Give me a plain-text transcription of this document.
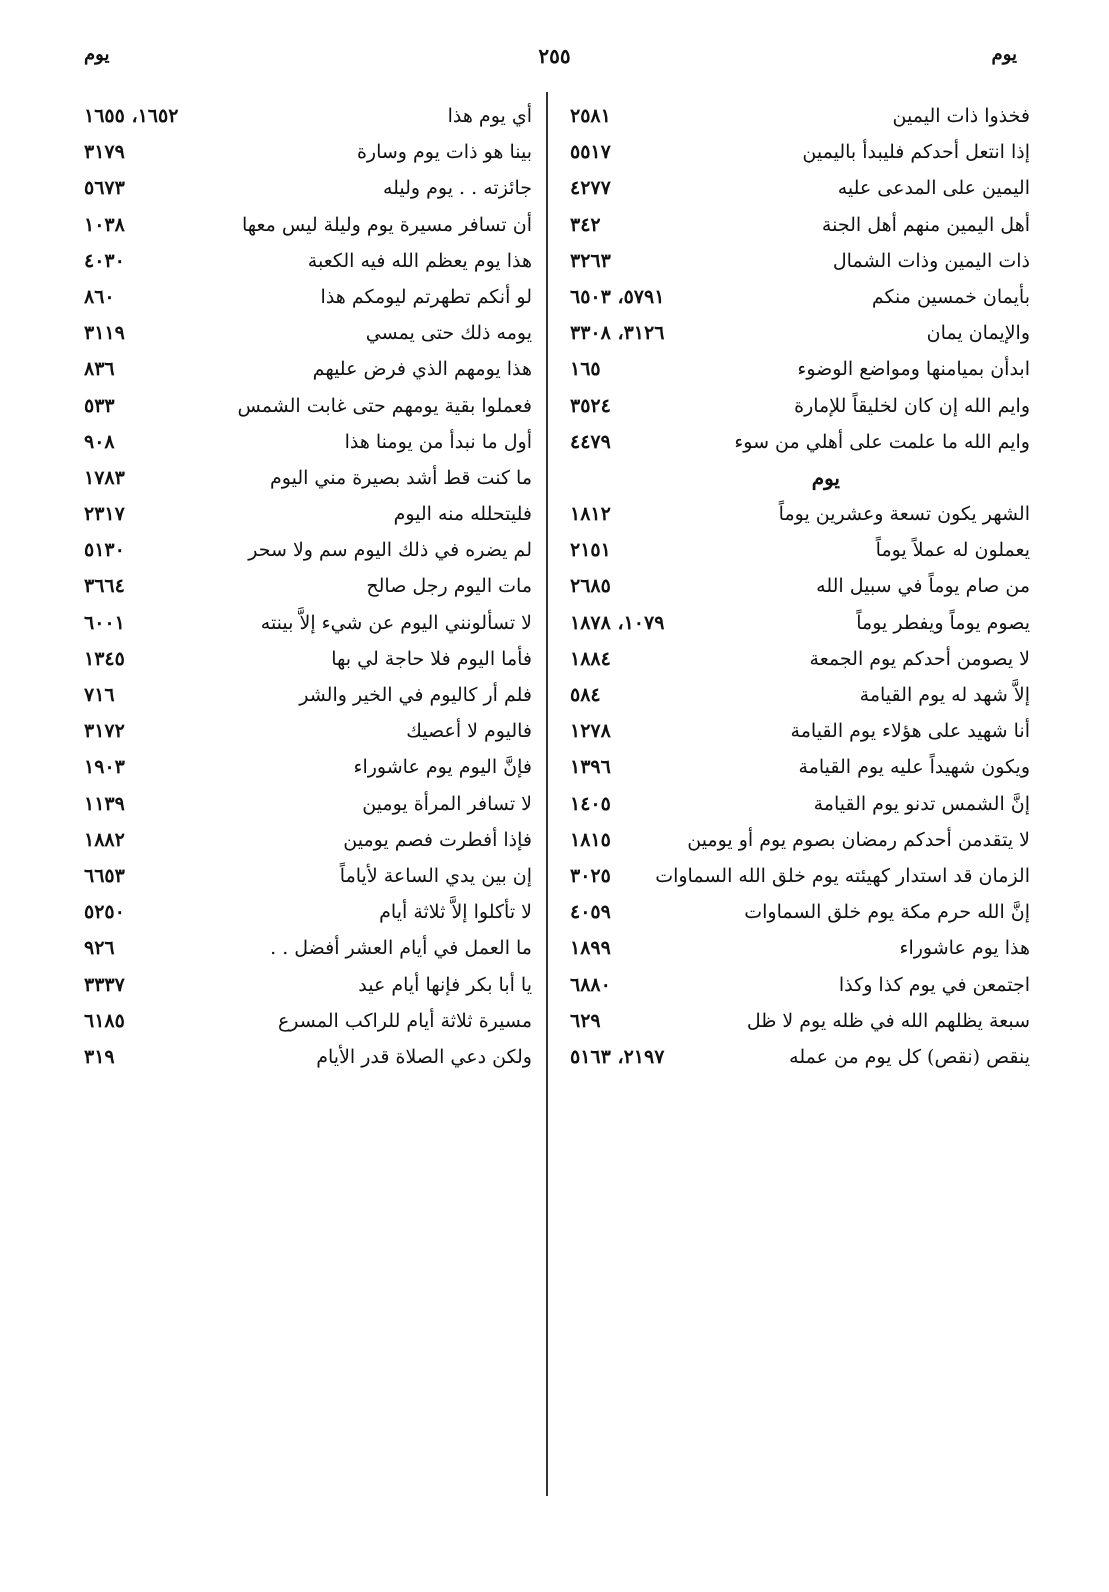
يوم
٢٥٥
يوم
فخذوا ذات اليمين
٢٥٨١
إذا انتعل أحدكم فليبدأ باليمين
٥٥١٧
اليمين على المدعى عليه
٤٢٧٧
أهل اليمين منهم أهل الجنة
٣٤٢
ذات اليمين وذات الشمال
٣٢٦٣
بأيمان خمسين منكم
٥٧٩١، ٦٥٠٣
والإيمان يمان
٣١٢٦، ٣٣٠٨
ابدأن بميامنها ومواضع الوضوء
١٦٥
وايم الله إن كان لخليقاً للإمارة
٣٥٢٤
وايم الله ما علمت على أهلي من سوء
٤٤٧٩
يوم
الشهر يكون تسعة وعشرين يوماً
١٨١٢
يعملون له عملاً يوماً
٢١٥١
من صام يوماً في سبيل الله
٢٦٨٥
يصوم يوماً ويفطر يوماً
١٠٧٩، ١٨٧٨
لا يصومن أحدكم يوم الجمعة
١٨٨٤
إلاَّ شهد له يوم القيامة
٥٨٤
أنا شهيد على هؤلاء يوم القيامة
١٢٧٨
ويكون شهيداً عليه يوم القيامة
١٣٩٦
إنَّ الشمس تدنو يوم القيامة
١٤٠٥
لا يتقدمن أحدكم رمضان بصوم يوم أو يومين
١٨١٥
الزمان قد استدار كهيئته يوم خلق الله السماوات
٣٠٢٥
إنَّ الله حرم مكة يوم خلق السماوات
٤٠٥٩
هذا يوم عاشوراء
١٨٩٩
اجتمعن في يوم كذا وكذا
٦٨٨٠
سبعة يظلهم الله في ظله يوم لا ظل
٦٢٩
ينقص (نقص) كل يوم من عمله
٢١٩٧، ٥١٦٣
أي يوم هذا
١٦٥٢، ١٦٥٥
بينا هو ذات يوم وسارة
٣١٧٩
جائزته . . يوم وليله
٥٦٧٣
أن تسافر مسيرة يوم وليلة ليس معها
١٠٣٨
هذا يوم يعظم الله فيه الكعبة
٤٠٣٠
لو أنكم تطهرتم ليومكم هذا
٨٦٠
يومه ذلك حتى يمسي
٣١١٩
هذا يومهم الذي فرض عليهم
٨٣٦
فعملوا بقية يومهم حتى غابت الشمس
٥٣٣
أول ما نبدأ من يومنا هذا
٩٠٨
ما كنت قط أشد بصيرة مني اليوم
١٧٨٣
فليتحلله منه اليوم
٢٣١٧
لم يضره في ذلك اليوم سم ولا سحر
٥١٣٠
مات اليوم رجل صالح
٣٦٦٤
لا تسألونني اليوم عن شيء إلاَّ بينته
٦٠٠١
فأما اليوم فلا حاجة لي بها
١٣٤٥
فلم أر كاليوم في الخير والشر
٧١٦
فاليوم لا أعصيك
٣١٧٢
فإنَّ اليوم يوم عاشوراء
١٩٠٣
لا تسافر المرأة يومين
١١٣٩
فإذا أفطرت فصم يومين
١٨٨٢
إن بين يدي الساعة لأياماً
٦٦٥٣
لا تأكلوا إلاَّ ثلاثة أيام
٥٢٥٠
ما العمل في أيام العشر أفضل . .
٩٢٦
يا أبا بكر فإنها أيام عيد
٣٣٣٧
مسيرة ثلاثة أيام للراكب المسرع
٦١٨٥
ولكن دعي الصلاة قدر الأيام
٣١٩
